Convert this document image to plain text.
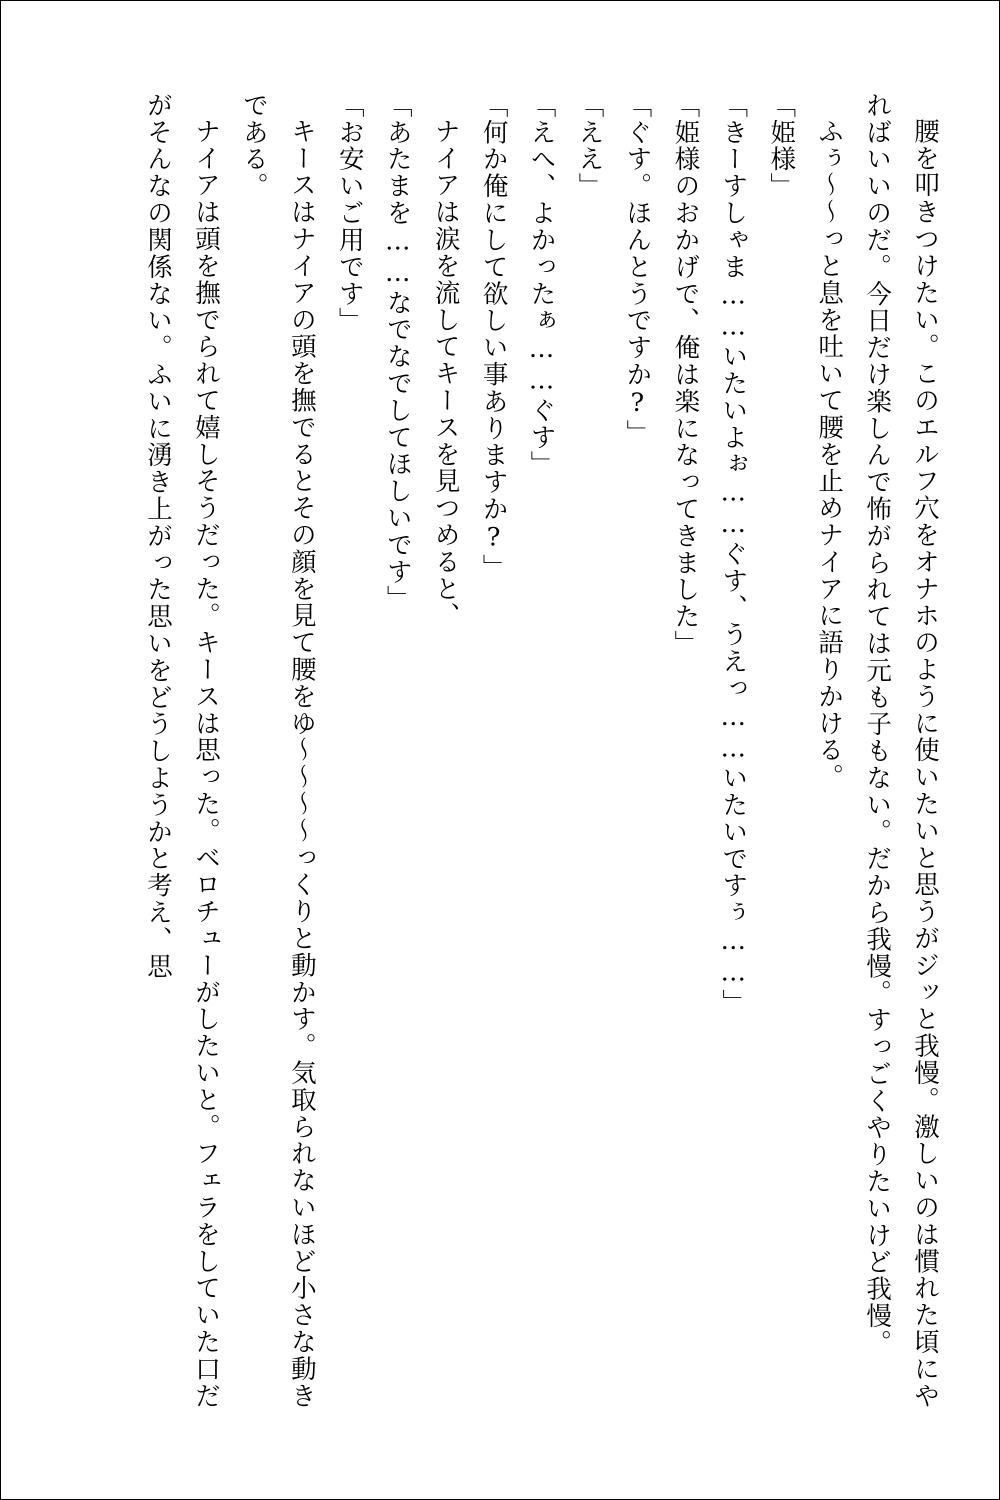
腰を叩きつけたい。このエルフ穴をオナホのように使いたいと思うがジッと我慢。激しいのは慣れた頃にやればいいのだ。今日だけ楽しんで怖がられては元も子もない。だから我慢。すっごくやりたいけど我慢。
ふぅ～～っと息を吐いて腰を止めナイアに語りかける。
「姫様」
「きーすしゃま……いたいよぉ……ぐす、うえっ……いたいですぅ……」
「姫様のおかげで、俺は楽になってきました」
「ぐす。ほんとうですか?」
「ええ」
「えへ、よかったぁ……ぐす」
「何か俺にして欲しい事ありますか?」
ナイアは涙を流してキースを見つめると、
「あたまを……なでなでしてほしいです」
「お安いご用です」
キースはナイアの頭を撫でるとその顔を見て腰をゆ～～～～っくりと動かす。気取られないほど小さな動きである。
ナイアは頭を撫でられて嬉しそうだった。キースは思った。ベロチューがしたいと。フェラをしていた口だがそんなの関係ない。ふいに湧き上がった思いをどうしようかと考え、思
